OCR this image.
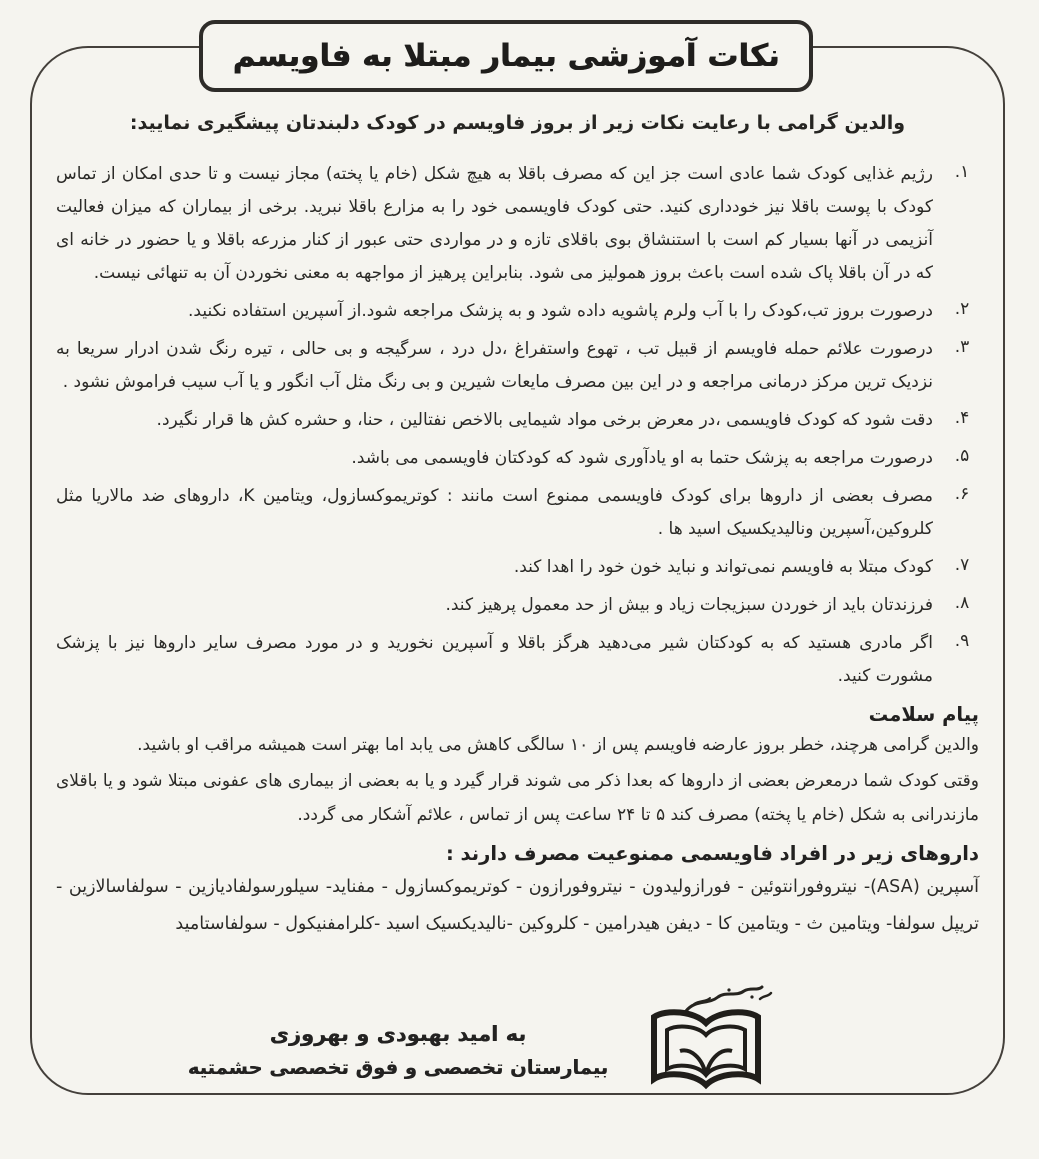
نکات آموزشی بیمار مبتلا به فاویسم

والدین گرامی با رعایت نکات زیر از بروز فاویسم در کودک دلبندتان پیشگیری نمایید:

۱.
رژیم غذایی کودک شما عادی است جز این که مصرف باقلا به هیچ شکل (خام یا پخته) مجاز نیست و تا حدی امکان از تماس کودک با پوست باقلا نیز خودداری کنید. حتی کودک فاویسمی خود را به مزارع باقلا نبرید. برخی از بیماران که میزان فعالیت آنزیمی در آنها بسیار کم است با استنشاق بوی باقلای تازه و در مواردی حتی عبور از کنار مزرعه باقلا و یا حضور در خانه ای که در آن باقلا پاک شده است باعث بروز همولیز می شود. بنابراین پرهیز از مواجهه به معنی نخوردن آن به تنهائی نیست.
۲.
درصورت بروز تب،کودک را با آب ولرم پاشویه داده شود و به پزشک مراجعه شود.از آسپرین استفاده نکنید.
۳.
درصورت علائم حمله فاویسم از قبیل تب ، تهوع واستفراغ ،دل درد ، سرگیجه و بی حالی ، تیره رنگ شدن ادرار سریعا به نزدیک ترین مرکز درمانی مراجعه و در این بین مصرف مایعات شیرین و بی رنگ مثل آب انگور و یا آب سیب فراموش نشود .
۴.
دقت شود که کودک فاویسمی ،در معرض برخی مواد شیمایی بالاخص نفتالین ، حنا، و حشره کش ها قرار نگیرد.
۵.
درصورت مراجعه به پزشک حتما به او یادآوری شود که کودکتان فاویسمی می باشد.
۶.
مصرف بعضی از داروها برای کودک فاویسمی ممنوع است مانند : کوتریموکسازول، ویتامین K، داروهای ضد مالاریا مثل کلروکین،آسپرین ونالیدیکسیک اسید ها .
۷.
کودک مبتلا به فاویسم نمی‌تواند و نباید خون خود را اهدا کند.
۸.
فرزندتان باید از خوردن سبزیجات زیاد و بیش از حد معمول پرهیز کند.
۹.
اگر مادری هستید که به کودکتان شیر می‌دهید هرگز باقلا و آسپرین نخورید و در مورد مصرف سایر داروها نیز با پزشک مشورت کنید.
پیام سلامت

والدین گرامی هرچند، خطر بروز عارضه فاویسم پس از ۱۰ سالگی کاهش می یابد اما بهتر است همیشه مراقب او باشید.

وقتی کودک شما درمعرض بعضی از داروها که بعدا ذکر می شوند قرار گیرد و یا به بعضی از بیماری های عفونی مبتلا شود و یا باقلای مازندرانی به شکل (خام یا پخته) مصرف کند ۵ تا ۲۴ ساعت پس از تماس ، علائم آشکار می گردد.

داروهای زیر در افراد فاویسمی ممنوعیت مصرف دارند :

آسپرین (ASA)- نیتروفورانتوئین - فورازولیدون - نیتروفورازون - کوتریموکسازول - مفناید- سیلورسولفادیازین - سولفاسالازین - تریپل سولفا- ویتامین ث - ویتامین کا - دیفن هیدرامین - کلروکین -نالیدیکسیک اسید -کلرامفنیکول - سولفاستامید

به امید بهبودی و بهروزی

بیمارستان تخصصی و فوق تخصصی حشمتیه
